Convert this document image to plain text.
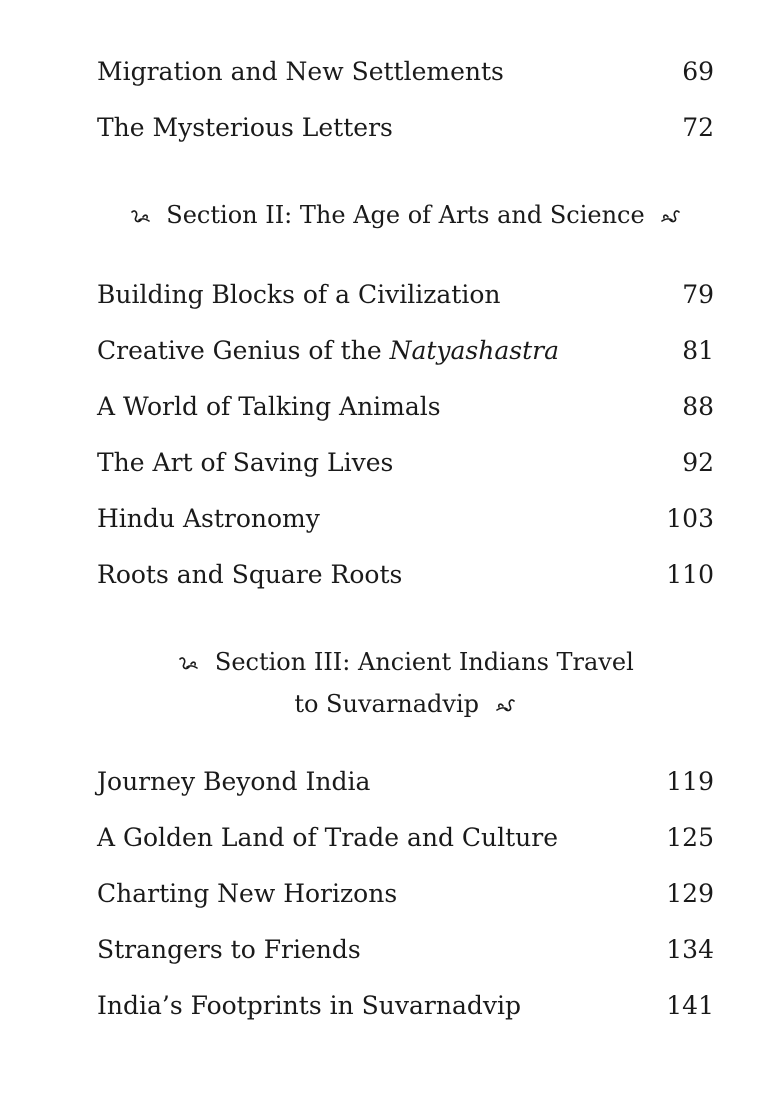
Migration and New Settlements	69
The Mysterious Letters	72
Section II: The Age of Arts and Science
Building Blocks of a Civilization	79
Creative Genius of the Natyashastra	81
A World of Talking Animals	88
The Art of Saving Lives	92
Hindu Astronomy	103
Roots and Square Roots	110
Section III: Ancient Indians Travel
to Suvarnadvip
Journey Beyond India	119
A Golden Land of Trade and Culture	125
Charting New Horizons	129
Strangers to Friends	134
India’s Footprints in Suvarnadvip	141
